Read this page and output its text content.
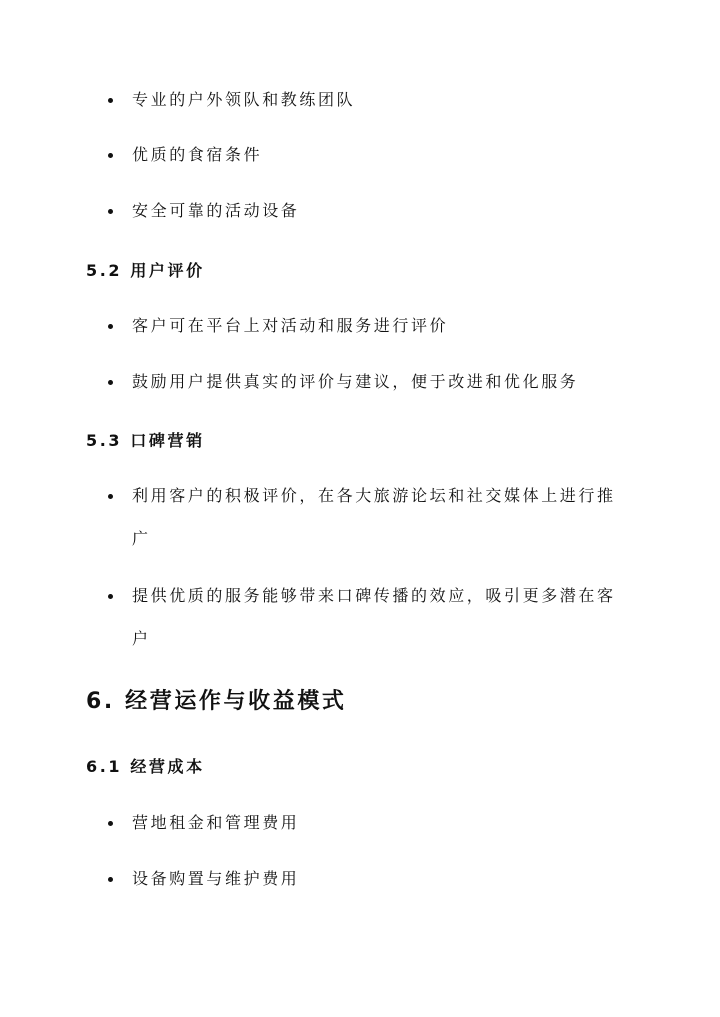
专业的户外领队和教练团队
优质的食宿条件
安全可靠的活动设备
5.2 用户评价
客户可在平台上对活动和服务进行评价
鼓励用户提供真实的评价与建议，便于改进和优化服务
5.3 口碑营销
利用客户的积极评价，在各大旅游论坛和社交媒体上进行推
广
提供优质的服务能够带来口碑传播的效应，吸引更多潜在客
户
6. 经营运作与收益模式
6.1 经营成本
营地租金和管理费用
设备购置与维护费用
